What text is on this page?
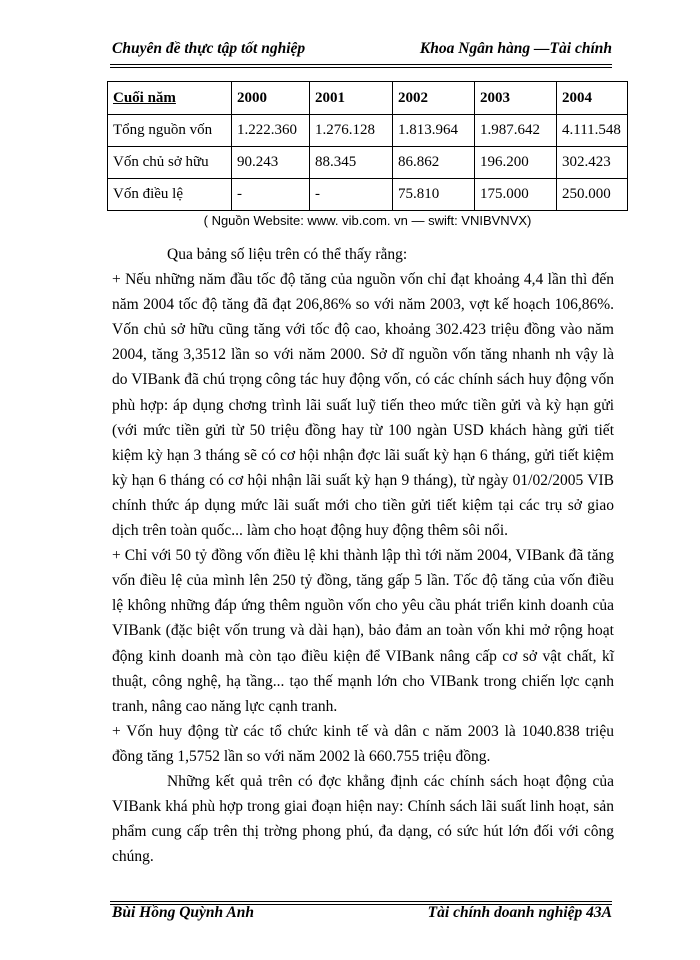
Chuyên đề thực tập tốt nghiệp	Khoa Ngân hàng —Tài chính
Cuối năm	2000	2001	2002	2003	2004
Tổng nguồn vốn	1.222.360	1.276.128	1.813.964	1.987.642	4.111.548
Vốn chủ sở hữu	90.243	88.345	86.862	196.200	302.423
Vốn điều lệ	-	-	75.810	175.000	250.000
( Nguồn Website: www. vib.com. vn — swift: VNIBVNVX)

Qua bảng số liệu trên có thể thấy rằng:

+ Nếu những năm đầu tốc độ tăng của nguồn vốn chỉ đạt khoảng 4,4 lần thì đến năm 2004 tốc độ tăng đã đạt 206,86% so với năm 2003, vợt kế hoạch 106,86%. Vốn chủ sở hữu cũng tăng với tốc độ cao, khoảng 302.423 triệu đồng vào năm 2004, tăng 3,3512 lần so với năm 2000. Sở dĩ nguồn vốn tăng nhanh nh vậy là do VIBank đã chú trọng công tác huy động vốn, có các chính sách huy động vốn phù hợp: áp dụng chơng trình lãi suất luỹ tiến theo mức tiền gửi và kỳ hạn gửi (với mức tiền gửi từ 50 triệu đồng hay từ 100 ngàn USD khách hàng gửi tiết kiệm kỳ hạn 3 tháng sẽ có cơ hội nhận đợc lãi suất kỳ hạn 6 tháng, gửi tiết kiệm kỳ hạn 6 tháng có cơ hội nhận lãi suất kỳ hạn 9 tháng), từ ngày 01/02/2005 VIB chính thức áp dụng mức lãi suất mới cho tiền gửi tiết kiệm tại các trụ sở giao dịch trên toàn quốc... làm cho hoạt động huy động thêm sôi nổi.

+ Chỉ với 50 tỷ đồng vốn điều lệ khi thành lập thì tới năm 2004, VIBank đã tăng vốn điều lệ của mình lên 250 tỷ đồng, tăng gấp 5 lần. Tốc độ tăng của vốn điều lệ không những đáp ứng thêm nguồn vốn cho yêu cầu phát triển kinh doanh của VIBank (đặc biệt vốn trung và dài hạn), bảo đảm an toàn vốn khi mở rộng hoạt động kinh doanh mà còn tạo điều kiện để VIBank nâng cấp cơ sở vật chất, kĩ thuật, công nghệ, hạ tầng... tạo thế mạnh lớn cho VIBank trong chiến lợc cạnh tranh, nâng cao năng lực cạnh tranh.

+ Vốn huy động từ các tổ chức kinh tế và dân c năm 2003 là 1040.838 triệu đồng tăng 1,5752 lần so với năm 2002 là 660.755 triệu đồng.

Những kết quả trên có đợc khẳng định các chính sách hoạt động của VIBank khá phù hợp trong giai đoạn hiện nay: Chính sách lãi suất linh hoạt, sản phẩm cung cấp trên thị trờng phong phú, đa dạng, có sức hút lớn đối với công chúng.

Bùi Hồng Quỳnh Anh	Tài chính doanh nghiệp 43A
